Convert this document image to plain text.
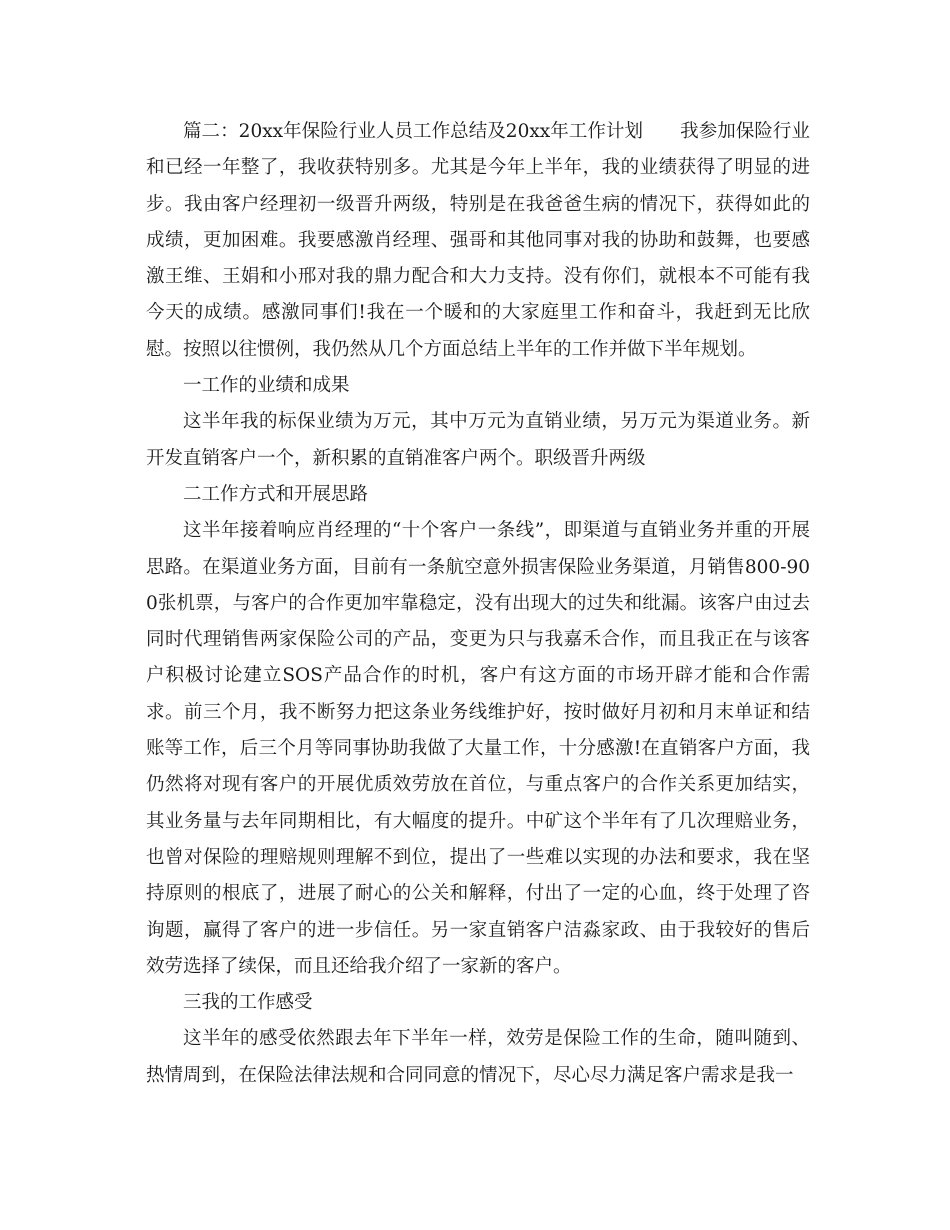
篇二：20xx年保险行业人员工作总结及20xx年工作计划　　我参加保险行业和已经一年整了，我收获特别多。尤其是今年上半年，我的业绩获得了明显的进步。我由客户经理初一级晋升两级，特别是在我爸爸生病的情况下，获得如此的成绩，更加困难。我要感激肖经理、强哥和其他同事对我的协助和鼓舞，也要感激王维、王娟和小邢对我的鼎力配合和大力支持。没有你们，就根本不可能有我今天的成绩。感激同事们!我在一个暖和的大家庭里工作和奋斗，我赶到无比欣慰。按照以往惯例，我仍然从几个方面总结上半年的工作并做下半年规划。

一工作的业绩和成果

这半年我的标保业绩为万元，其中万元为直销业绩，另万元为渠道业务。新开发直销客户一个，新积累的直销准客户两个。职级晋升两级

二工作方式和开展思路

这半年接着响应肖经理的“十个客户一条线”，即渠道与直销业务并重的开展思路。在渠道业务方面，目前有一条航空意外损害保险业务渠道，月销售800-900张机票，与客户的合作更加牢靠稳定，没有出现大的过失和纰漏。该客户由过去同时代理销售两家保险公司的产品，变更为只与我嘉禾合作，而且我正在与该客户积极讨论建立SOS产品合作的时机，客户有这方面的市场开辟才能和合作需求。前三个月，我不断努力把这条业务线维护好，按时做好月初和月末单证和结账等工作，后三个月等同事协助我做了大量工作，十分感激!在直销客户方面，我仍然将对现有客户的开展优质效劳放在首位，与重点客户的合作关系更加结实，其业务量与去年同期相比，有大幅度的提升。中矿这个半年有了几次理赔业务，也曾对保险的理赔规则理解不到位，提出了一些难以实现的办法和要求，我在坚持原则的根底了，进展了耐心的公关和解释，付出了一定的心血，终于处理了咨询题，赢得了客户的进一步信任。另一家直销客户洁淼家政、由于我较好的售后效劳选择了续保，而且还给我介绍了一家新的客户。

三我的工作感受

这半年的感受依然跟去年下半年一样，效劳是保险工作的生命，随叫随到、热情周到，在保险法律法规和合同同意的情况下，尽心尽力满足客户需求是我一
